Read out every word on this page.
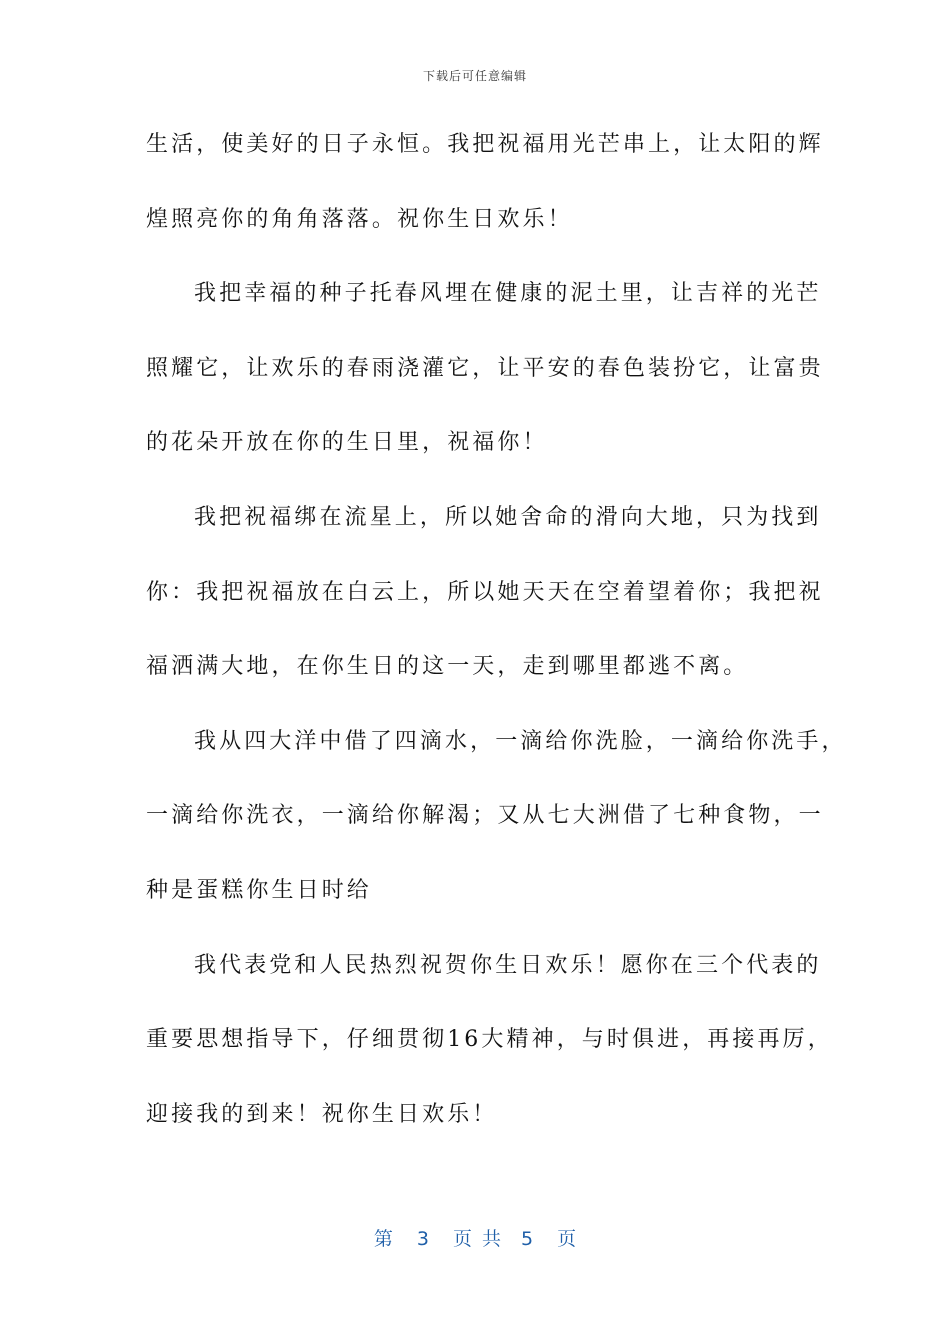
下载后可任意编辑
生活，使美好的日子永恒。我把祝福用光芒串上，让太阳的辉
煌照亮你的角角落落。祝你生日欢乐！
我把幸福的种子托春风埋在健康的泥土里，让吉祥的光芒
照耀它，让欢乐的春雨浇灌它，让平安的春色装扮它，让富贵
的花朵开放在你的生日里，祝福你！
我把祝福绑在流星上，所以她舍命的滑向大地，只为找到
你：我把祝福放在白云上，所以她天天在空着望着你；我把祝
福洒满大地，在你生日的这一天，走到哪里都逃不离。
我从四大洋中借了四滴水，一滴给你洗脸，一滴给你洗手，
一滴给你洗衣，一滴给你解渴；又从七大洲借了七种食物，一
种是蛋糕你生日时给
我代表党和人民热烈祝贺你生日欢乐！愿你在三个代表的
重要思想指导下，仔细贯彻16大精神，与时俱进，再接再厉，
迎接我的到来！祝你生日欢乐！
第 3 页共 5 页
